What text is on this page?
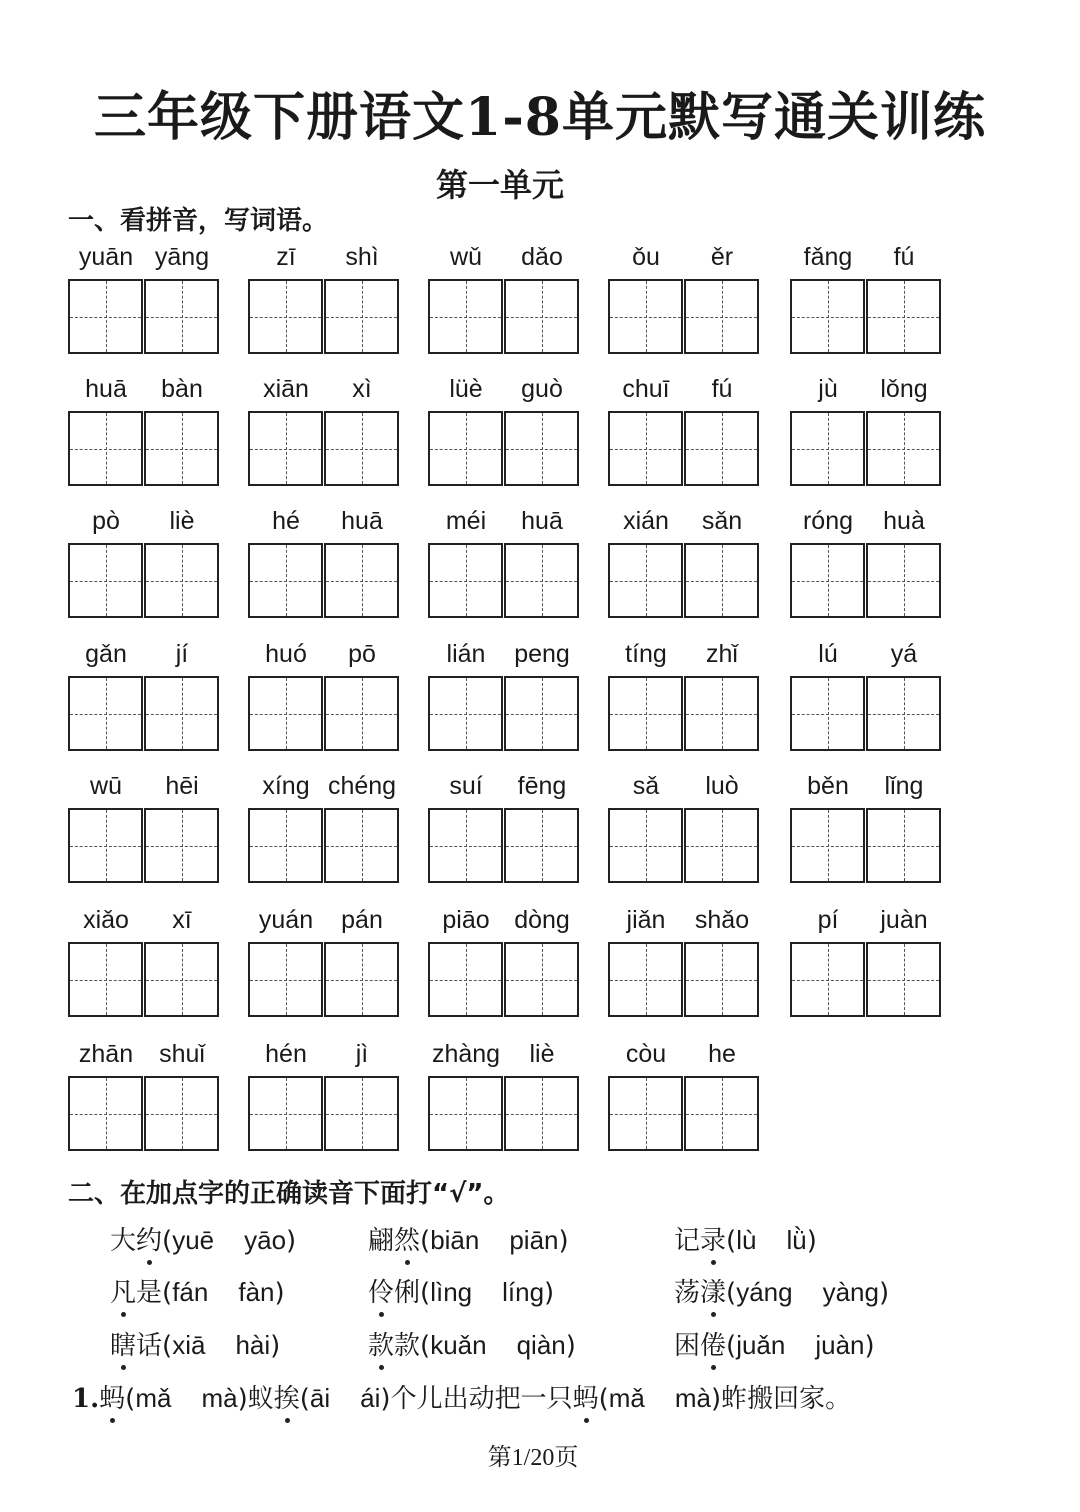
三年级下册语文1-8单元默写通关训练
第一单元
一、看拼音，写词语。
yuān yāng	zī	shì	wǔ	dǎo	ǒu	ěr	fǎng	fú
huā	bàn	xiān	xì	lüè	guò	chuī	fú	jù	lǒng
pò	liè	hé	huā	méi	huā	xián	sǎn	róng	huà
gǎn	jí	huó	pō	lián	peng	tíng	zhǐ	lú	yá
wū	hēi	xíng chéng	suí	fēng	sǎ	luò	běn	lǐng
xiǎo	xī	yuán	pán	piāo dòng	jiǎn	shǎo	pí	juàn
zhān	shuǐ	hén	jì	zhàng	liè	còu	he
二、在加点字的正确读音下面打“√”。
大约(yuē yāo)	翩然(biān piān)	记录(lù lǜ)
凡是(fán fàn)	伶俐(lìng líng)	荡漾(yáng yàng)
瞎话(xiā hài)	款款(kuǎn qiàn)	困倦(juǎn juàn)
1.蚂(mǎ mà)蚁挨(āi ái)个儿出动把一只蚂(mǎ mà)蚱搬回家。
第1/20页
